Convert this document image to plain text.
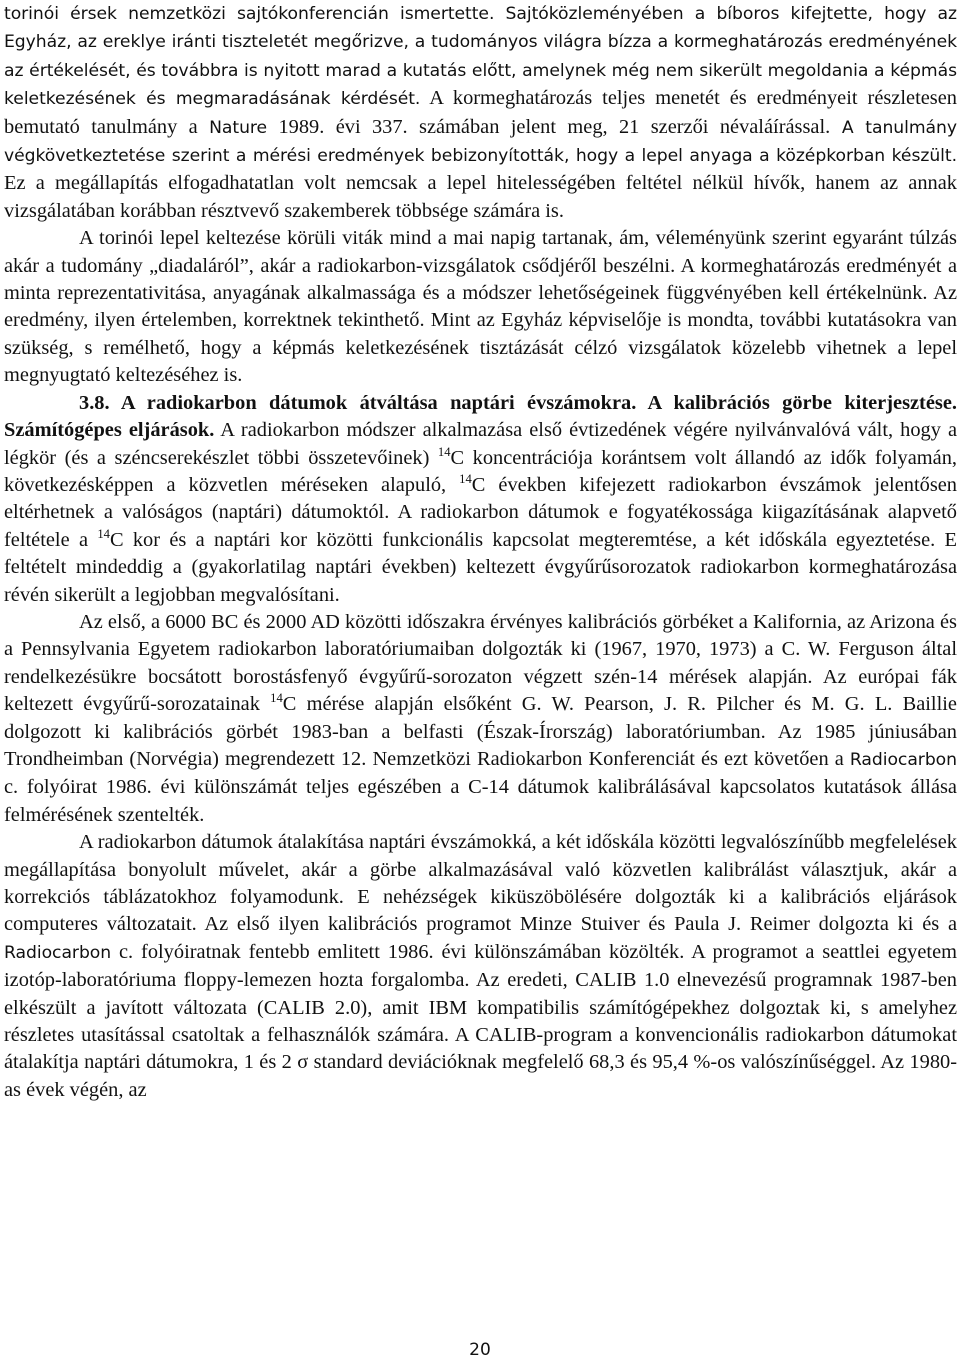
torinói érsek nemzetközi sajtókonferencián ismertette. Sajtóközleményében a bíboros kifejtette, hogy az Egyház, az ereklye iránti tiszteletét megőrizve, a tudományos világra bízza a kormeghatározás eredményének az értékelését, és továbbra is nyitott marad a kutatás előtt, amelynek még nem sikerült megoldania a képmás keletkezésének és megmaradásának kérdését. A kormeghatározás teljes menetét és eredményeit részletesen bemutató tanulmány a Nature 1989. évi 337. számában jelent meg, 21 szerzői névaláírással. A tanulmány végkövetkeztetése szerint a mérési eredmények bebizonyították, hogy a lepel anyaga a középkorban készült. Ez a megállapítás elfogadhatatlan volt nemcsak a lepel hitelességében feltétel nélkül hívők, hanem az annak vizsgálatában korábban résztvevő szakemberek többsége számára is.

A torinói lepel keltezése körüli viták mind a mai napig tartanak, ám, véleményünk szerint egyaránt túlzás akár a tudomány „diadaláról”, akár a radiokarbon-vizsgálatok csődjéről beszélni. A kormeghatározás eredményét a minta reprezentativitása, anyagának alkalmassága és a módszer lehetőségeinek függvényében kell értékelnünk. Az eredmény, ilyen értelemben, korrektnek tekinthető. Mint az Egyház képviselője is mondta, további kutatásokra van szükség, s remélhető, hogy a képmás keletkezésének tisztázását célzó vizsgálatok közelebb vihetnek a lepel megnyugtató keltezéséhez is.

3.8. A radiokarbon dátumok átváltása naptári évszámokra. A kalibrációs görbe kiterjesztése. Számítógépes eljárások. A radiokarbon módszer alkalmazása első évtizedének végére nyilvánvalóvá vált, hogy a légkör (és a széncserekészlet többi összetevőinek) $^{14}$C koncentrációja korántsem volt állandó az idők folyamán, következésképpen a közvetlen méréseken alapuló, $^{14}$C években kifejezett radiokarbon évszámok jelentősen eltérhetnek a valóságos (naptári) dátumoktól. A radiokarbon dátumok e fogyatékossága kiigazításának alapvető feltétele a $^{14}$C kor és a naptári kor közötti funkcionális kapcsolat megteremtése, a két időskála egyeztetése. E feltételt mindeddig a (gyakorlatilag naptári években) keltezett évgyűrűsorozatok radiokarbon kormeghatározása révén sikerült a legjobban megvalósítani.

Az első, a 6000 BC és 2000 AD közötti időszakra érvényes kalibrációs görbéket a Kalifornia, az Arizona és a Pennsylvania Egyetem radiokarbon laboratóriumaiban dolgozták ki (1967, 1970, 1973) a C. W. Ferguson által rendelkezésükre bocsátott borostásfenyő évgyűrű-sorozaton végzett szén-14 mérések alapján. Az európai fák keltezett évgyűrű-sorozatainak $^{14}$C mérése alapján elsőként G. W. Pearson, J. R. Pilcher és M. G. L. Baillie dolgozott ki kalibrációs görbét 1983-ban a belfasti (Észak-Írország) laboratóriumban. Az 1985 júniusában Trondheimban (Norvégia) megrendezett 12. Nemzetközi Radiokarbon Konferenciát és ezt követően a Radiocarbon c. folyóirat 1986. évi különszámát teljes egészében a C-14 dátumok kalibrálásával kapcsolatos kutatások állása felmérésének szentelték.

A radiokarbon dátumok átalakítása naptári évszámokká, a két időskála közötti legvalószínűbb megfelelések megállapítása bonyolult művelet, akár a görbe alkalmazásával való közvetlen kalibrálást választjuk, akár a korrekciós táblázatokhoz folyamodunk. E nehézségek kiküszöbölésére dolgozták ki a kalibrációs eljárások computeres változatait. Az első ilyen kalibrációs programot Minze Stuiver és Paula J. Reimer dolgozta ki és a Radiocarbon c. folyóiratnak fentebb emlitett 1986. évi különszámában közölték. A programot a seattlei egyetem izotóp-laboratóriuma floppy-lemezen hozta forgalomba. Az eredeti, CALIB 1.0 elnevezésű programnak 1987-ben elkészült a javított változata (CALIB 2.0), amit IBM kompatibilis számítógépekhez dolgoztak ki, s amelyhez részletes utasítással csatoltak a felhasználók számára. A CALIB-program a konvencionális radiokarbon dátumokat átalakítja naptári dátumokra, 1 és 2 σ standard deviációknak megfelelő 68,3 és 95,4 %-os valószínűséggel. Az 1980-as évek végén, az

20
